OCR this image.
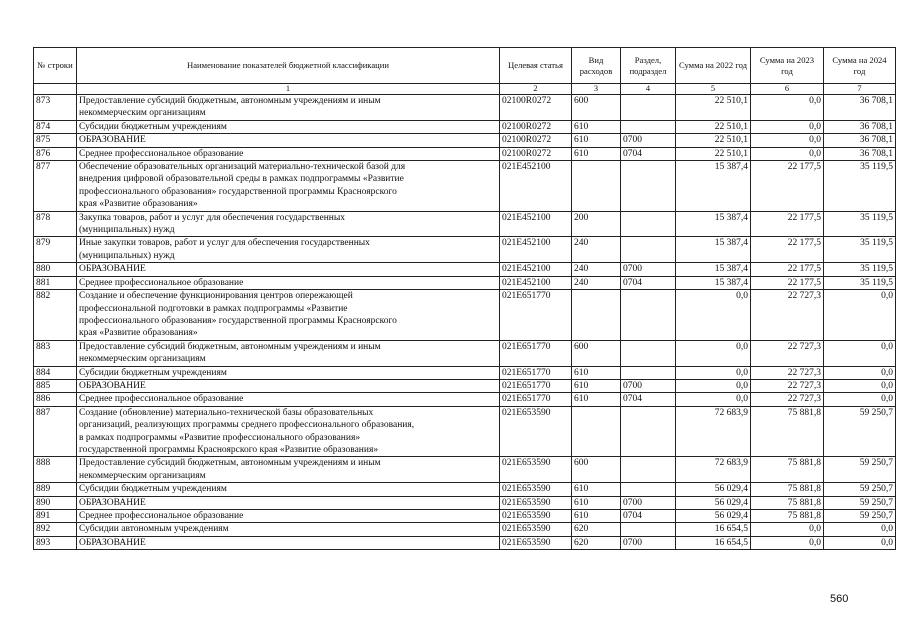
№ строки	Наименование показателей бюджетной классификации	Целевая статья	Вид расходов	Раздел, подраздел	Сумма на 2022 год	Сумма на 2023 год	Сумма на 2024 год
	1	2	3	4	5	6	7
873	Предоставление субсидий бюджетным, автономным учреждениям и иным
некоммерческим организациям	02100R0272	600		22 510,1	0,0	36 708,1
874	Субсидии бюджетным учреждениям	02100R0272	610		22 510,1	0,0	36 708,1
875	ОБРАЗОВАНИЕ	02100R0272	610	0700	22 510,1	0,0	36 708,1
876	Среднее профессиональное образование	02100R0272	610	0704	22 510,1	0,0	36 708,1
877	Обеспечение образовательных организаций материально-технической базой для
внедрения цифровой образовательной среды в рамках подпрограммы «Развитие
профессионального образования» государственной программы Красноярского
края «Развитие образования»	021E452100			15 387,4	22 177,5	35 119,5
878	Закупка товаров, работ и услуг для обеспечения государственных
(муниципальных) нужд	021E452100	200		15 387,4	22 177,5	35 119,5
879	Иные закупки товаров, работ и услуг для обеспечения государственных
(муниципальных) нужд	021E452100	240		15 387,4	22 177,5	35 119,5
880	ОБРАЗОВАНИЕ	021E452100	240	0700	15 387,4	22 177,5	35 119,5
881	Среднее профессиональное образование	021E452100	240	0704	15 387,4	22 177,5	35 119,5
882	Создание и обеспечение функционирования центров опережающей
профессиональной подготовки в рамках подпрограммы «Развитие
профессионального образования» государственной программы Красноярского
края «Развитие образования»	021E651770			0,0	22 727,3	0,0
883	Предоставление субсидий бюджетным, автономным учреждениям и иным
некоммерческим организациям	021E651770	600		0,0	22 727,3	0,0
884	Субсидии бюджетным учреждениям	021E651770	610		0,0	22 727,3	0,0
885	ОБРАЗОВАНИЕ	021E651770	610	0700	0,0	22 727,3	0,0
886	Среднее профессиональное образование	021E651770	610	0704	0,0	22 727,3	0,0
887	Создание (обновление) материально-технической базы образовательных
организаций, реализующих программы среднего профессионального образования,
в рамках подпрограммы «Развитие профессионального образования»
государственной программы Красноярского края «Развитие образования»	021E653590			72 683,9	75 881,8	59 250,7
888	Предоставление субсидий бюджетным, автономным учреждениям и иным
некоммерческим организациям	021E653590	600		72 683,9	75 881,8	59 250,7
889	Субсидии бюджетным учреждениям	021E653590	610		56 029,4	75 881,8	59 250,7
890	ОБРАЗОВАНИЕ	021E653590	610	0700	56 029,4	75 881,8	59 250,7
891	Среднее профессиональное образование	021E653590	610	0704	56 029,4	75 881,8	59 250,7
892	Субсидии автономным учреждениям	021E653590	620		16 654,5	0,0	0,0
893	ОБРАЗОВАНИЕ	021E653590	620	0700	16 654,5	0,0	0,0
560
